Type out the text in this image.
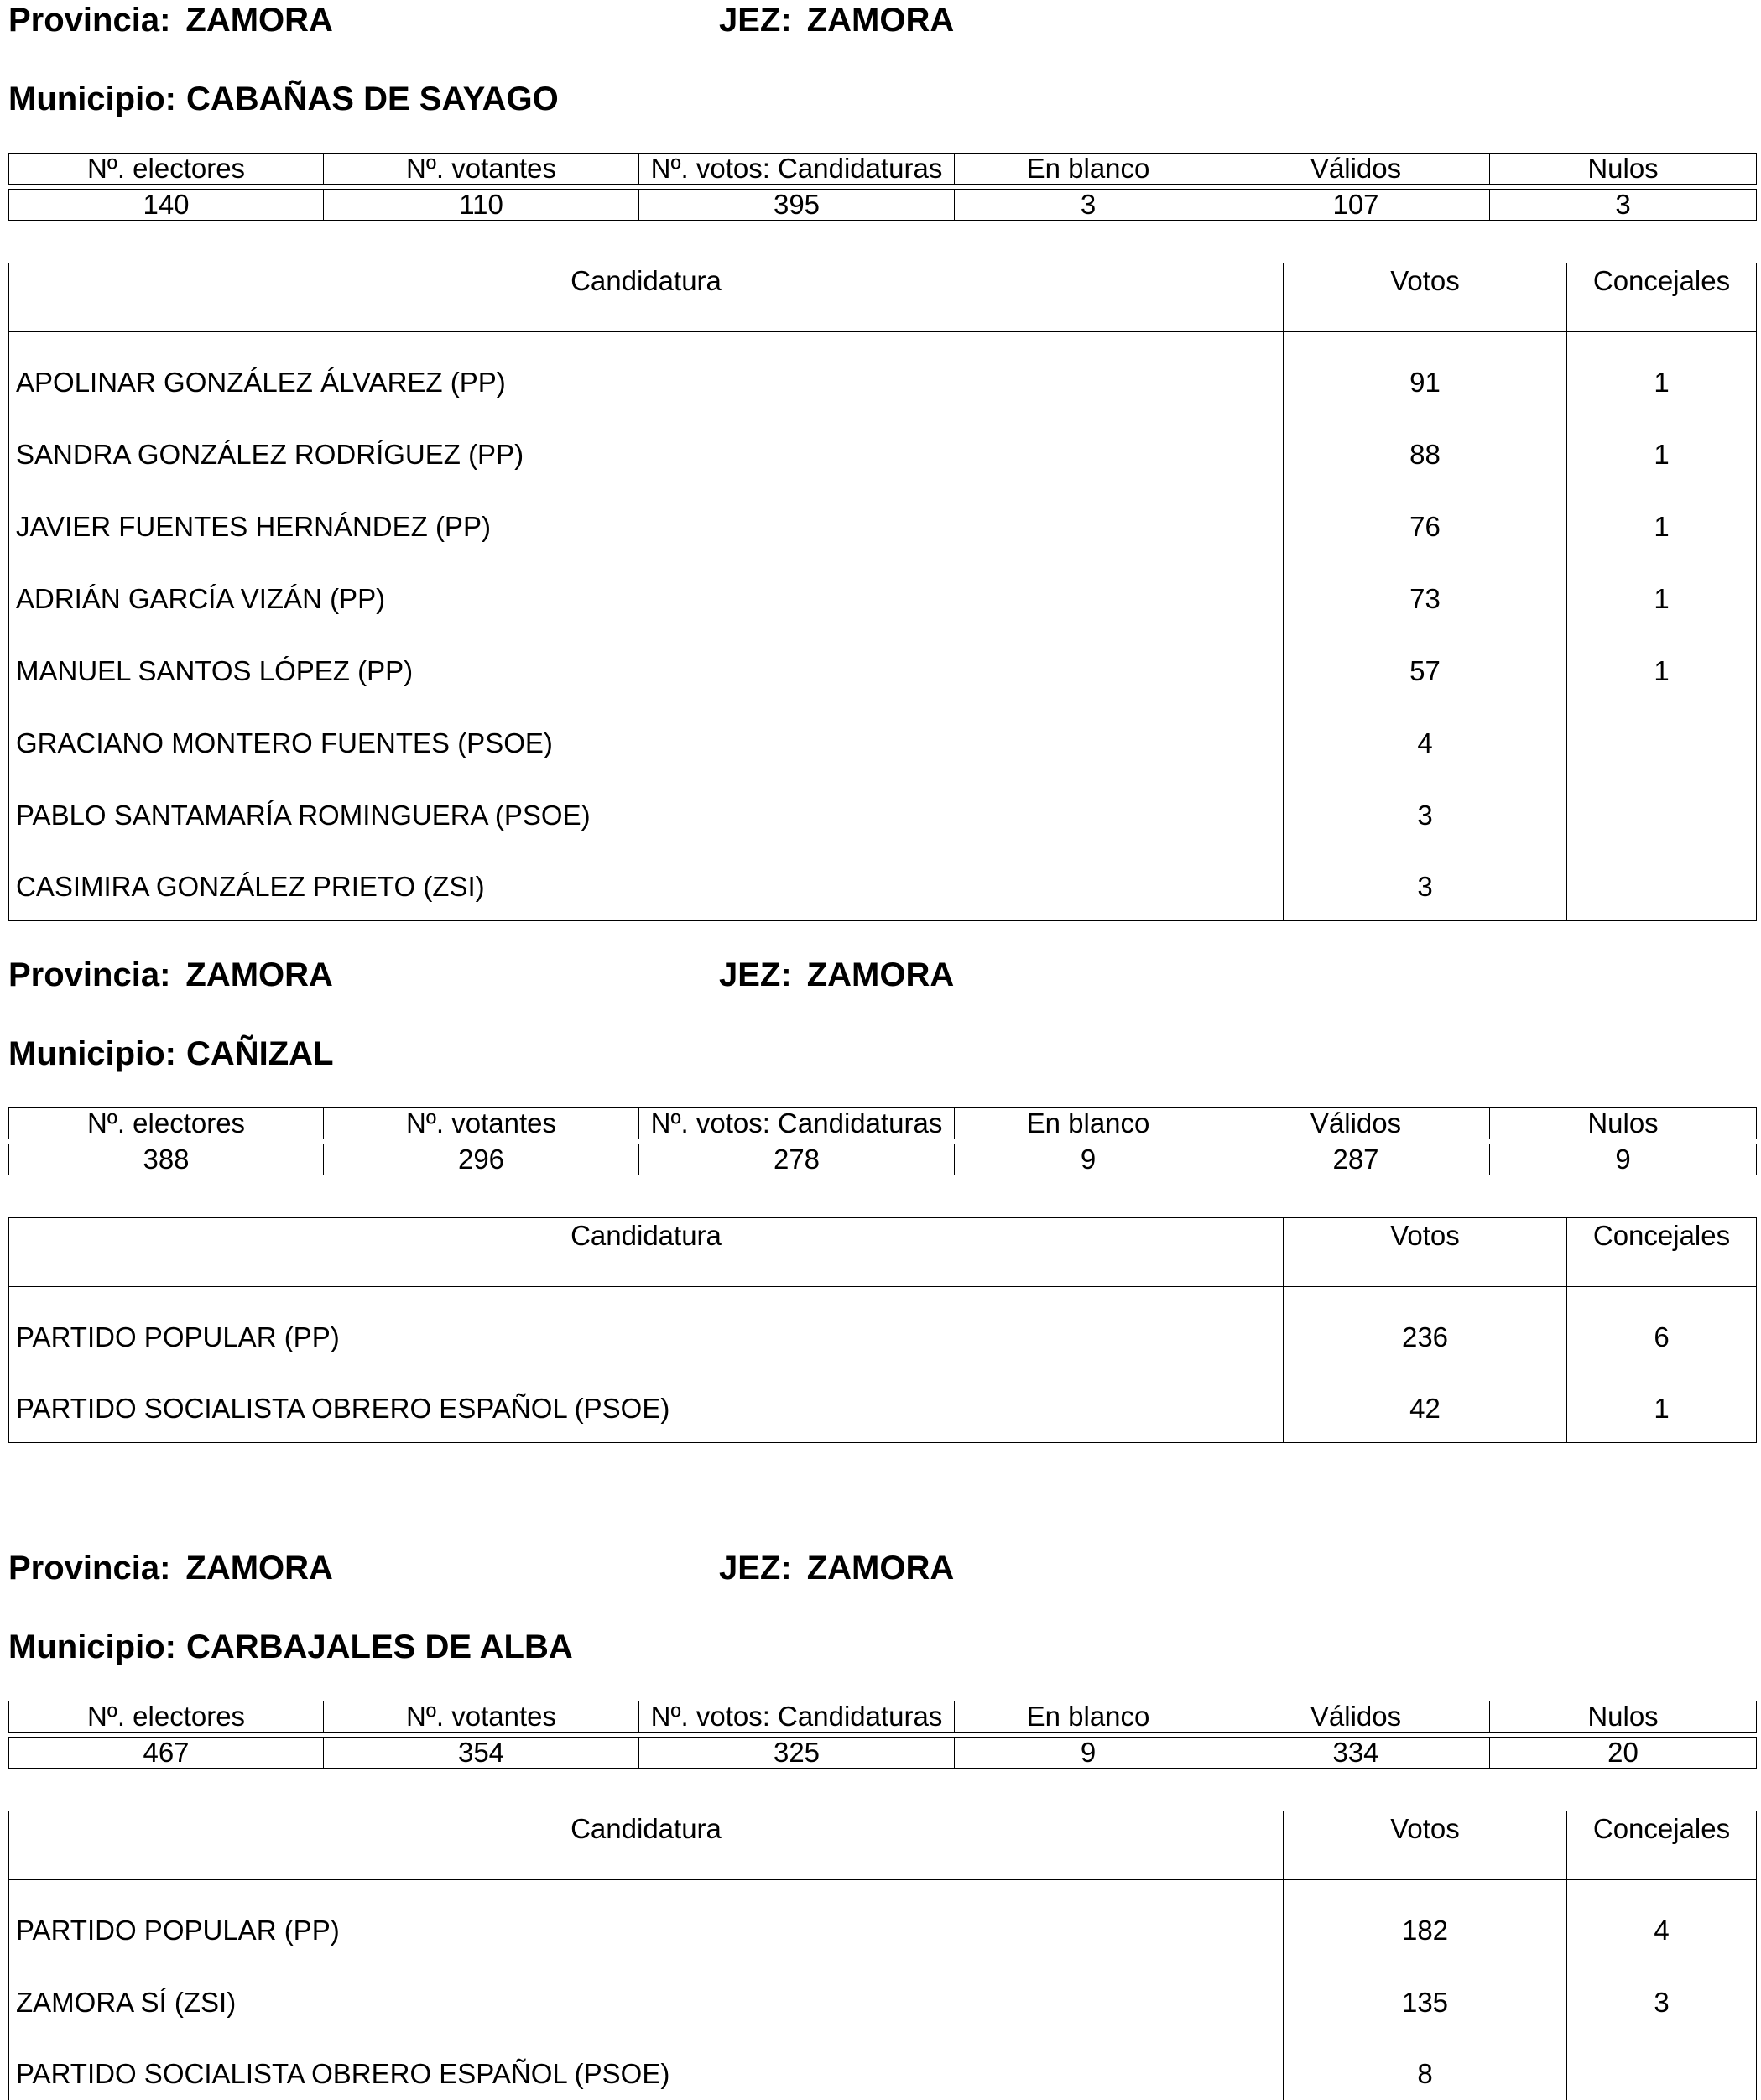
Provincia: ZAMORA	JEZ: ZAMORA
Municipio: CABAÑAS DE SAYAGO
Nº. electores	Nº. votantes	Nº. votos: Candidaturas	En blanco	Válidos	Nulos

140	110	395	3	107	3
Candidatura	Votos	Concejales
APOLINAR GONZÁLEZ ÁLVAREZ (PP)	91	1
SANDRA GONZÁLEZ RODRÍGUEZ (PP)	88	1
JAVIER FUENTES HERNÁNDEZ (PP)	76	1
ADRIÁN GARCÍA VIZÁN (PP)	73	1
MANUEL SANTOS LÓPEZ (PP)	57	1
GRACIANO MONTERO FUENTES (PSOE)	4	
PABLO SANTAMARÍA ROMINGUERA (PSOE)	3	
CASIMIRA GONZÁLEZ PRIETO (ZSI)	3	
Provincia: ZAMORA	JEZ: ZAMORA
Municipio: CAÑIZAL
Nº. electores	Nº. votantes	Nº. votos: Candidaturas	En blanco	Válidos	Nulos

388	296	278	9	287	9
Candidatura	Votos	Concejales
PARTIDO POPULAR (PP)	236	6
PARTIDO SOCIALISTA OBRERO ESPAÑOL (PSOE)	42	1
Provincia: ZAMORA	JEZ: ZAMORA
Municipio: CARBAJALES DE ALBA
Nº. electores	Nº. votantes	Nº. votos: Candidaturas	En blanco	Válidos	Nulos

467	354	325	9	334	20
Candidatura	Votos	Concejales
PARTIDO POPULAR (PP)	182	4
ZAMORA SÍ (ZSI)	135	3
PARTIDO SOCIALISTA OBRERO ESPAÑOL (PSOE)	8	
